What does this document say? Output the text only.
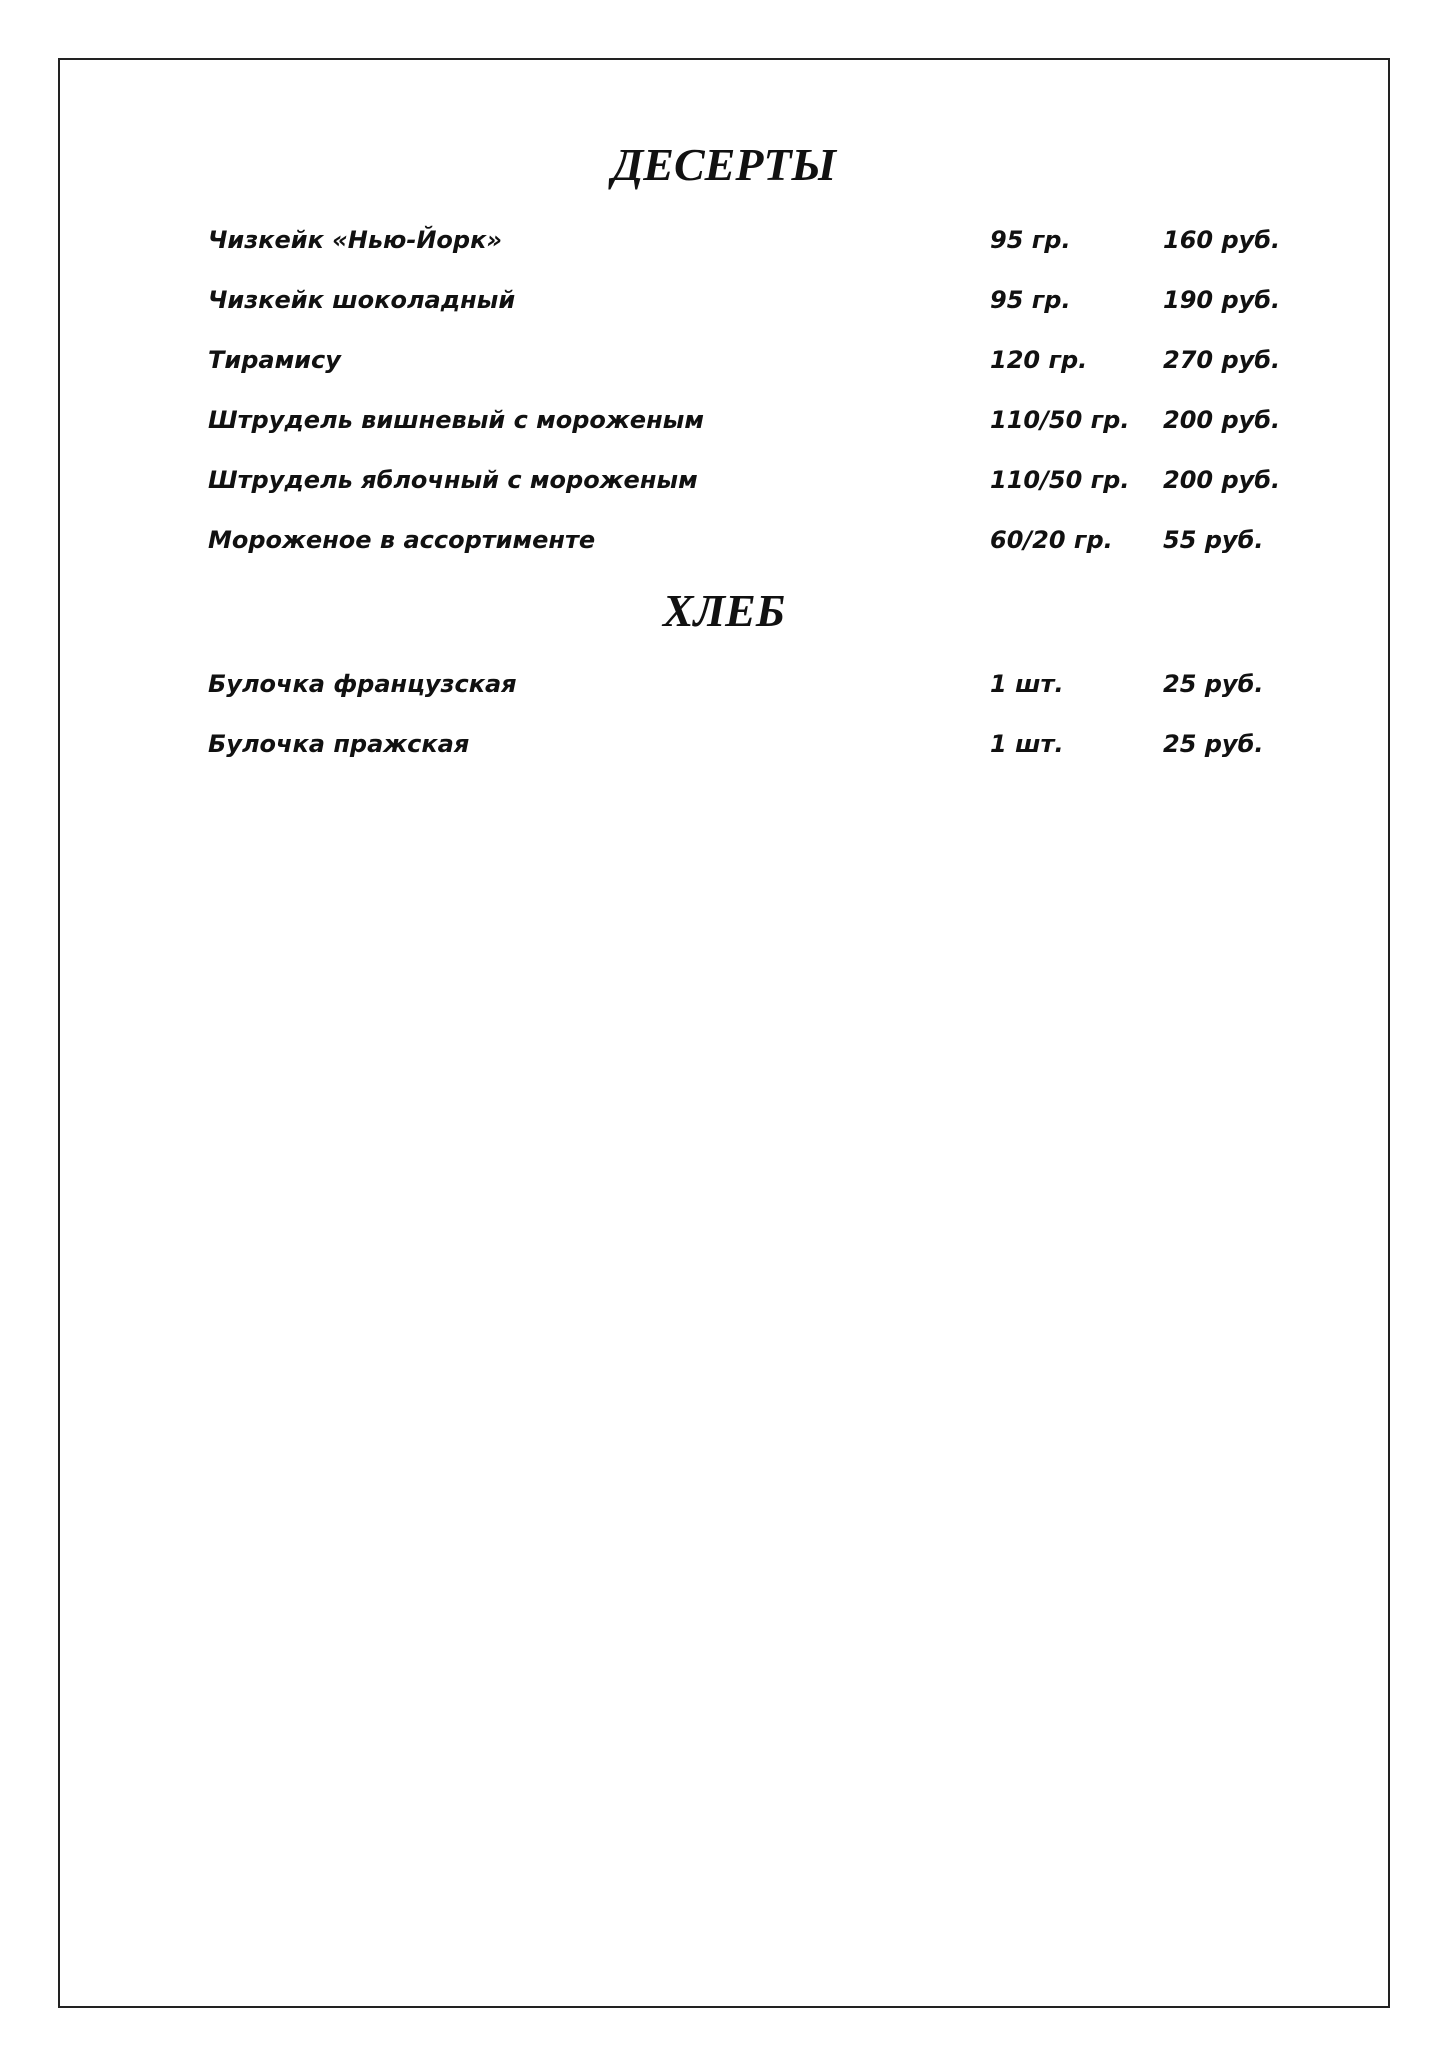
ДЕСЕРТЫ
Чизкейк «Нью-Йорк»	95 гр.	160 руб.
Чизкейк шоколадный	95 гр.	190 руб.
Тирамису	120 гр.	270 руб.
Штрудель вишневый с мороженым	110/50 гр. 200 руб.
Штрудель яблочный с мороженым	110/50 гр. 200 руб.
Мороженое в ассортименте	60/20 гр. 55 руб.
ХЛЕБ
Булочка французская	1 шт.	25 руб.
Булочка пражская	1 шт.	25 руб.
